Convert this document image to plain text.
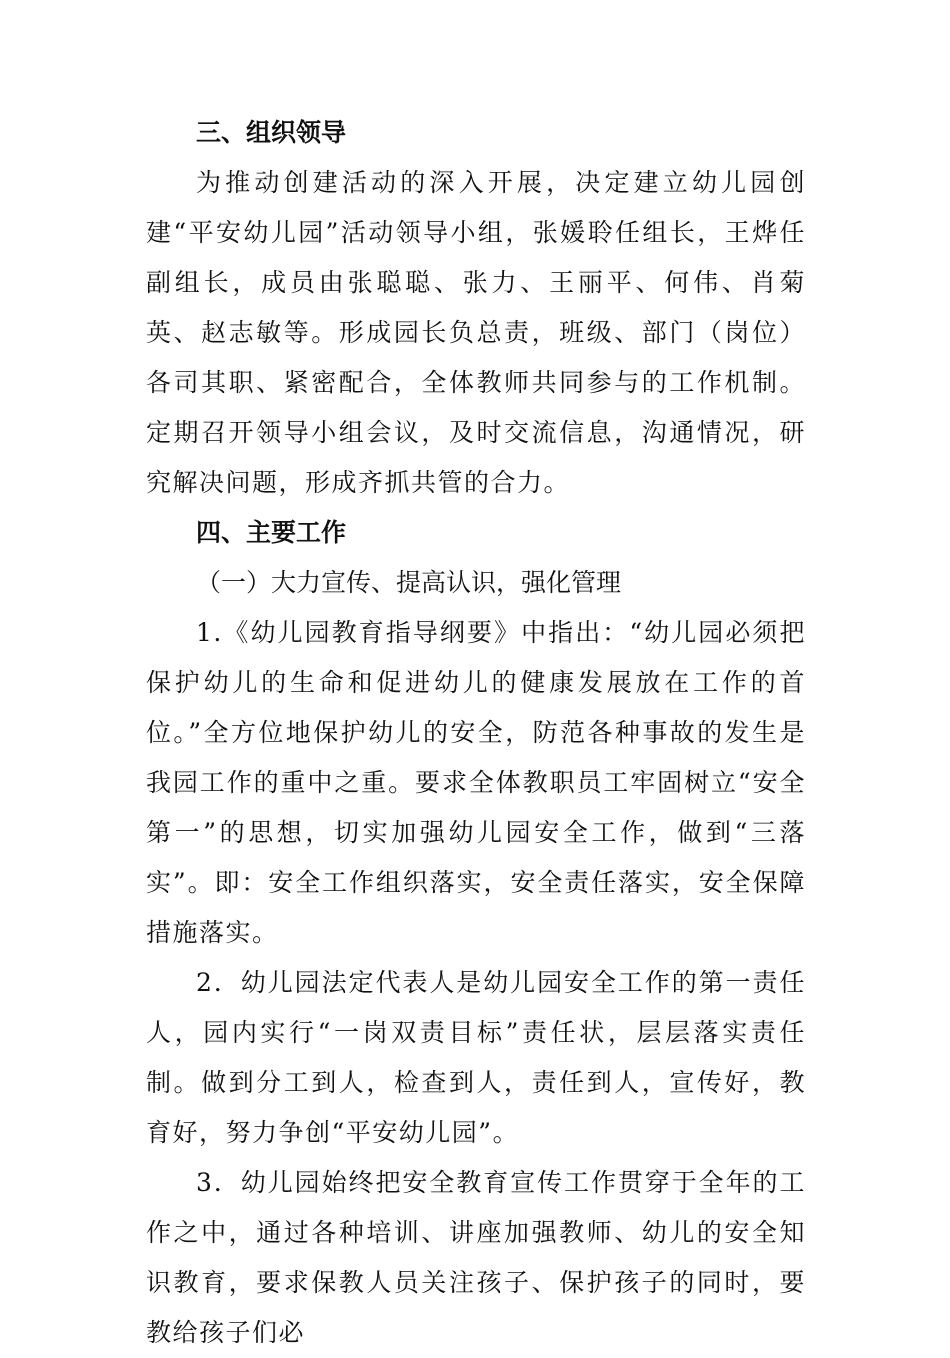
三、组织领导

为推动创建活动的深入开展，决定建立幼儿园创建“平安幼儿园”活动领导小组，张媛聆任组长，王烨任副组长，成员由张聪聪、张力、王丽平、何伟、肖菊英、赵志敏等。形成园长负总责，班级、部门（岗位）各司其职、紧密配合，全体教师共同参与的工作机制。定期召开领导小组会议，及时交流信息，沟通情况，研究解决问题，形成齐抓共管的合力。

四、主要工作

（一）大力宣传、提高认识，强化管理

1.《幼儿园教育指导纲要》中指出：“幼儿园必须把保护幼儿的生命和促进幼儿的健康发展放在工作的首位。”全方位地保护幼儿的安全，防范各种事故的发生是我园工作的重中之重。要求全体教职员工牢固树立“安全第一”的思想，切实加强幼儿园安全工作，做到“三落实”。即：安全工作组织落实，安全责任落实，安全保障措施落实。

2．幼儿园法定代表人是幼儿园安全工作的第一责任人，园内实行“一岗双责目标”责任状，层层落实责任制。做到分工到人，检查到人，责任到人，宣传好，教育好，努力争创“平安幼儿园”。

3．幼儿园始终把安全教育宣传工作贯穿于全年的工作之中，通过各种培训、讲座加强教师、幼儿的安全知识教育，要求保教人员关注孩子、保护孩子的同时，要教给孩子们必
